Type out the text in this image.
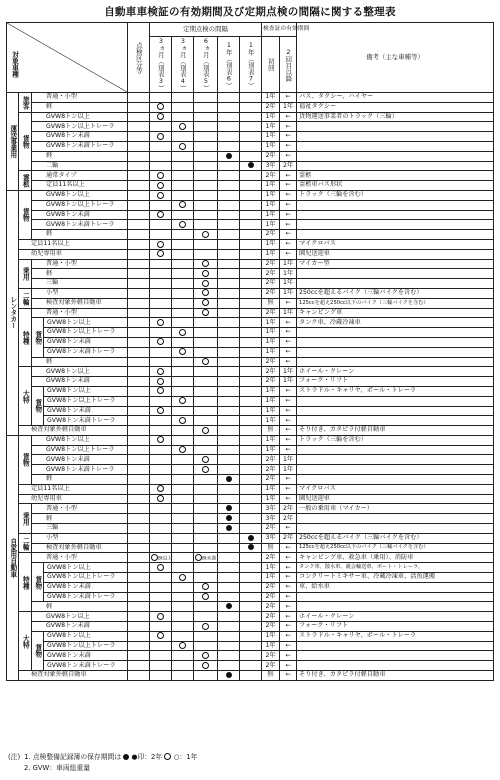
自動車車検証の有効期間及び定期点検の間隔に関する整理表
対象車種				点検区分等	定期点検の間隔					検査証の有効期間		備考（主な車種等）
					3ヵ月（別表3）	3ヵ月（別表4）	6ヵ月（別表5）	1年（別表6）	1年（別表7）	初回	2回目以降	
運送事業用	旅客	普通・小型								1年	←	バス、タクシー、ハイヤー
		軽								2年	1年	福祉タクシー
	貨物	GVW8トン以上								1年	←	貨物運送事業者のトラック（三輪）
		GVW8トン以上トレーラ								1年	←	
		GVW8トン未満								1年	←	
		GVW8トン未満トレーラ								1年	←	
		軽								2年	←	
		二輪								3年	2年	
	霊柩	通常タイプ								2年	←	霊柩
		定員11名以上								1年	←	霊柩車バス形状
レンタカー	貨物	GVW8トン以上								1年	←	トラック（三輪を含む）
		GVW8トン以上トレーラ								1年	←	
		GVW8トン未満								1年	←	
		GVW8トン未満トレーラ								1年	←	
		軽								2年	←	
	定員11名以上									1年	←	マイクロバス
	幼児専用車									1年	←	園児送迎車
	乗用	普通・小型								2年	1年	マイカー型
		軽								2年	1年	
		三輪								2年	1年	
	二輪	小型								2年	1年	250ccを超えるバイク（三輪バイクを含む）
		検査対象外軽自動車								無	←	125ccを超え250cc以下のバイク（三輪バイクを含む）
	特種	普通・小型								2年	1年	キャンピング車
		貨物	GVW8トン以上							1年	←	タンク車、冷蔵冷凍車
			GVW8トン以上トレーラ							1年	←	
			GVW8トン未満							1年	←	
			GVW8トン未満トレーラ							1年	←	
		軽								2年	←	
	大特	GVW8トン以上								2年	1年	ホイール・クレーン
		GVW8トン未満								2年	1年	フォーク・リフト
		貨物	GVW8トン以上							1年	←	ストラドル・キャリヤ、ポール・トレーラ
			GVW8トン以上トレーラ							1年	←	
			GVW8トン未満							1年	←	
			GVW8トン未満トレーラ							1年	←	
	検査対象外軽自動車									無	←	そり付き、カタピラ付軽自動車
自家用自動車	貨物	GVW8トン以上								1年	←	トラック（三輪を含む）
		GVW8トン以上トレーラ								1年	←	
		GVW8トン未満								2年	1年	
		GVW8トン未満トレーラ								2年	1年	
		軽								2年	←	
	定員11名以上									1年	←	マイクロバス
	幼児専用車									1年	←	園児送迎車
	乗用	普通・小型								3年	2年	一般の乗用車（マイカー）
		軽								3年	2年	
		三輪								2年	←	
	二輪	小型								3年	2年	250ccを超えるバイク（三輪バイクを含む）
		検査対象外軽自動車								無	←	125ccを超え250cc以下のバイク（三輪バイクを含む）
	特種	普通・小型			8t以上		8t未満			2年	←	キャンピング車、救急車（乗用）、消防車
		貨物	GVW8トン以上							1年	←	タンク車、散水車、親会輸送車、ボート・トレーラ、
			GVW8トン以上トレーラ							1年	←	コンクリートミキサー車、冷蔵冷凍車、活魚運搬
			GVW8トン未満							2年	←	車、給水車
			GVW8トン未満トレーラ							2年	←	
		軽								2年	←	
	大特	GVW8トン以上								2年	←	ホイール・クレーン
		GVW8トン未満								2年	←	フォーク・リフト
		貨物	GVW8トン以上							1年	←	ストラドル・キャリヤ、ポール・トレーラ
			GVW8トン以上トレーラ							1年	←	
			GVW8トン未満							2年	←	
			GVW8トン未満トレーラ							2年	←	
	検査対象外軽自動車									無	←	そり付き、カタピラ付軽自動車
(注) 1. 点検整備記録簿の保存期間は ●印：2年 ○：1年
2. GVW：車両総重量
